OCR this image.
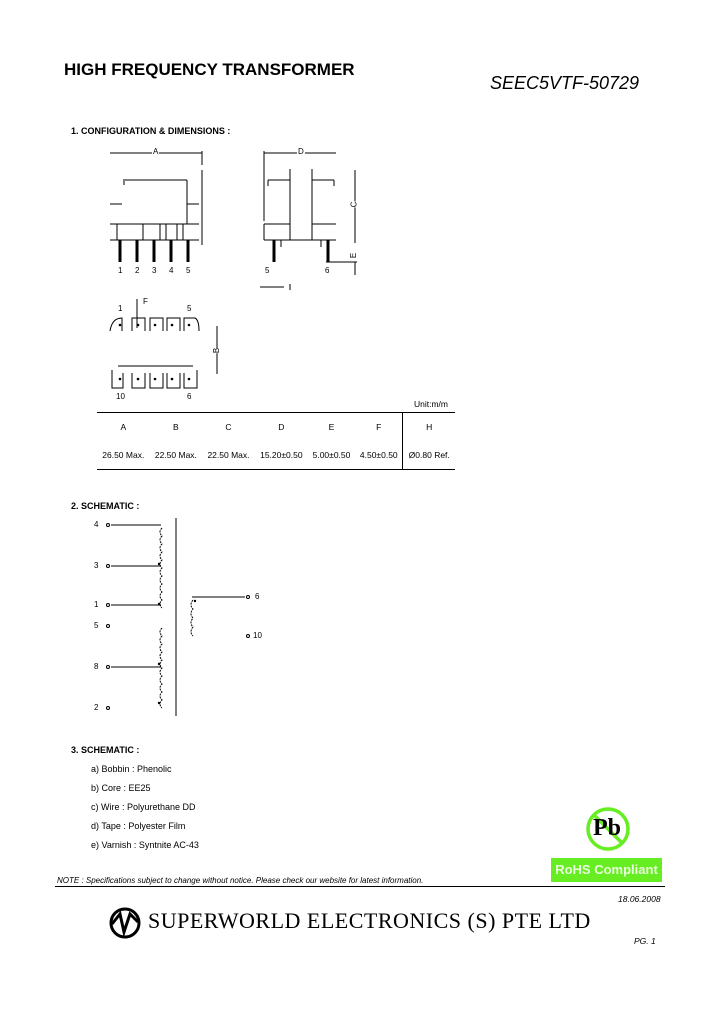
HIGH FREQUENCY TRANSFORMER
SEEC5VTF-50729
1. CONFIGURATION & DIMENSIONS :
A
1 2 3 4 5
D
C
E
5	6
1
F
5
B
10	6
Unit:m/m
A	B	C	D	E	F	H
26.50 Max.	22.50 Max.	22.50 Max.	15.20±0.50	5.00±0.50	4.50±0.50	Ø0.80 Ref.
2. SCHEMATIC :
4
3
1
5
8
2
6
10
3. SCHEMATIC :
a) Bobbin : Phenolic
b) Core : EE25
c) Wire : Polyurethane DD
d) Tape : Polyester Film
e) Varnish : Syntnite AC-43
Pb
RoHS Compliant
NOTE : Specifications subject to change without notice. Please check our website for latest information.
18.06.2008
SUPERWORLD ELECTRONICS (S) PTE LTD
PG. 1
